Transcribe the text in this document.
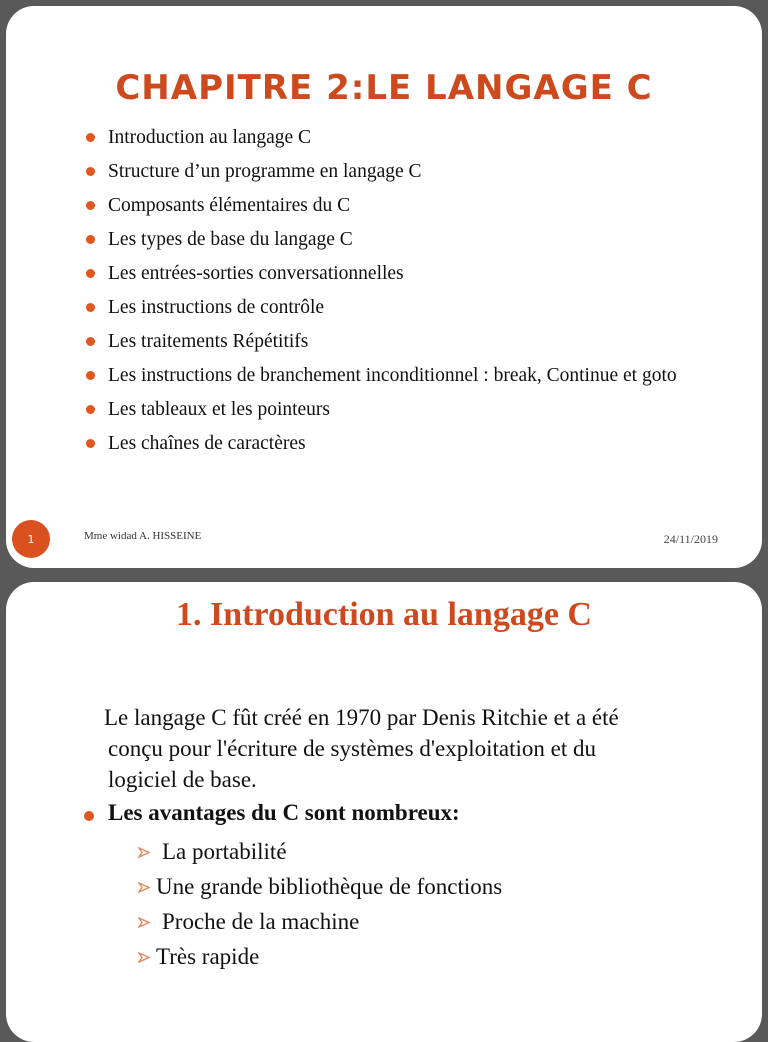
CHAPITRE 2:LE LANGAGE C
Introduction au langage C
Structure d’un programme en langage C
Composants élémentaires du C
Les types de base du langage C
Les entrées-sorties conversationnelles
Les instructions de contrôle
Les traitements Répétitifs
Les instructions de branchement inconditionnel : break, Continue et goto
Les tableaux et les pointeurs
Les chaînes de caractères
1	Mme widad A. HISSEINE	24/11/2019
1. Introduction au langage C
Le langage C fût créé en 1970 par Denis Ritchie et a été
conçu pour l'écriture de systèmes d'exploitation et du
logiciel de base.
Les avantages du C sont nombreux:
La portabilité
Une grande bibliothèque de fonctions
Proche de la machine
Très rapide
